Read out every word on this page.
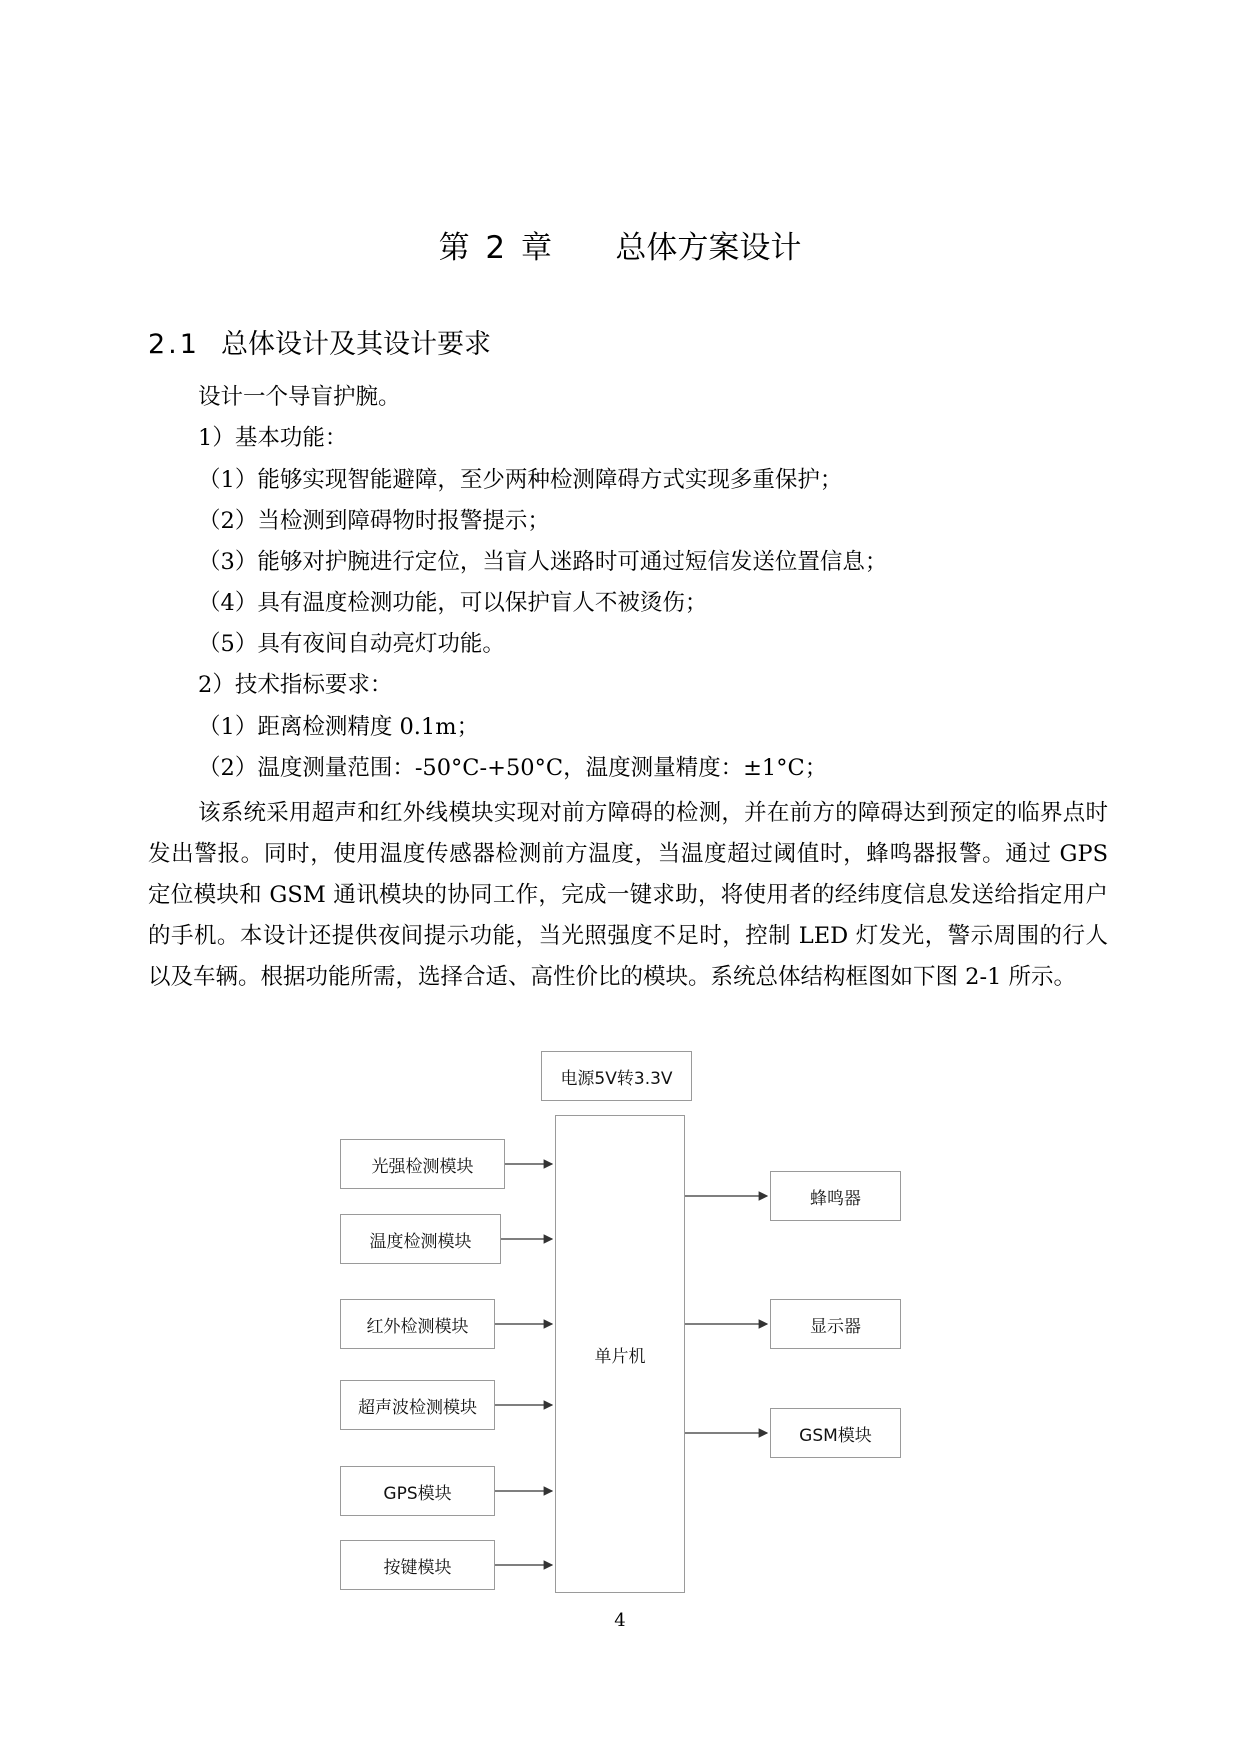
第 2 章    总体方案设计
2.1 总体设计及其设计要求
设计一个导盲护腕。
1）基本功能：
（1）能够实现智能避障，至少两种检测障碍方式实现多重保护；
（2）当检测到障碍物时报警提示；
（3）能够对护腕进行定位，当盲人迷路时可通过短信发送位置信息；
（4）具有温度检测功能，可以保护盲人不被烫伤；
（5）具有夜间自动亮灯功能。
2）技术指标要求：
（1）距离检测精度 0.1m；
（2）温度测量范围：-50°C-+50°C，温度测量精度：±1°C；
该系统采用超声和红外线模块实现对前方障碍的检测，并在前方的障碍达到预定的临界点时发出警报。同时，使用温度传感器检测前方温度，当温度超过阈值时，蜂鸣器报警。通过 GPS 定位模块和 GSM 通讯模块的协同工作，完成一键求助，将使用者的经纬度信息发送给指定用户的手机。本设计还提供夜间提示功能，当光照强度不足时，控制 LED 灯发光，警示周围的行人以及车辆。根据功能所需，选择合适、高性价比的模块。系统总体结构框图如下图 2-1 所示。
电源5V转3.3V
单片机
光强检测模块
温度检测模块
红外检测模块
超声波检测模块
GPS模块
按键模块
蜂鸣器
显示器
GSM模块
4
